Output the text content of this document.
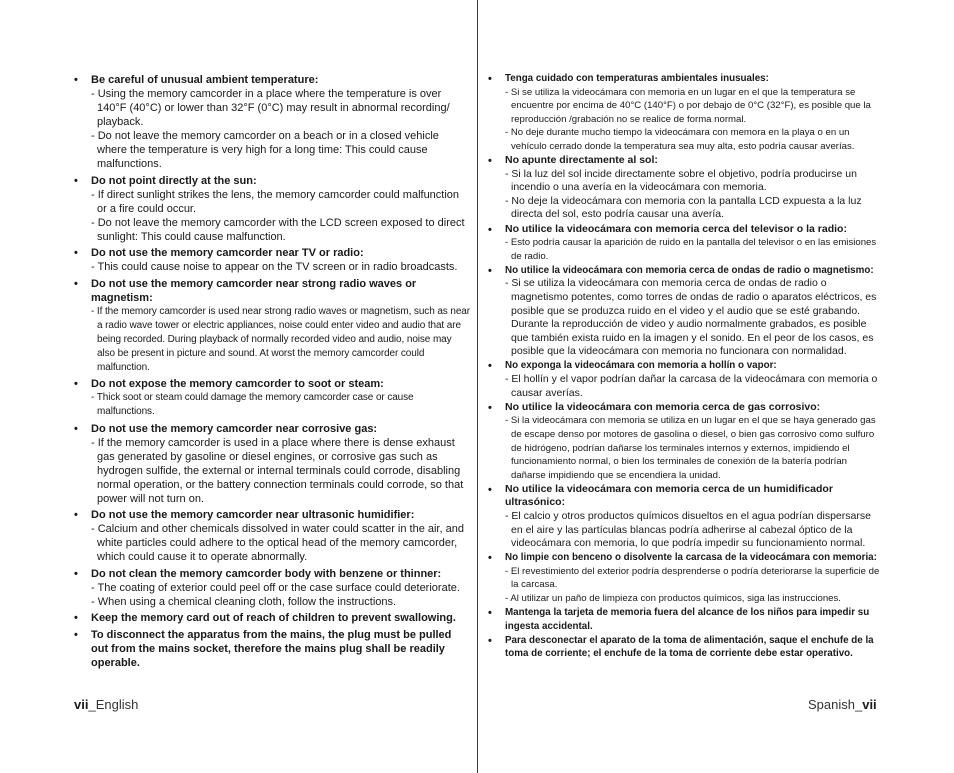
• Be careful of unusual ambient temperature:
- Using the memory camcorder in a place where the temperature is over 140°F (40°C) or lower than 32°F (0°C) may result in abnormal recording/ playback.
- Do not leave the memory camcorder on a beach or in a closed vehicle where the temperature is very high for a long time: This could cause malfunctions.
• Do not point directly at the sun:
- If direct sunlight strikes the lens, the memory camcorder could malfunction or a fire could occur.
- Do not leave the memory camcorder with the LCD screen exposed to direct sunlight: This could cause malfunction.
• Do not use the memory camcorder near TV or radio:
- This could cause noise to appear on the TV screen or in radio broadcasts.
• Do not use the memory camcorder near strong radio waves or magnetism:
- If the memory camcorder is used near strong radio waves or magnetism, such as near a radio wave tower or electric appliances, noise could enter video and audio that are being recorded. During playback of normally recorded video and audio, noise may also be present in picture and sound. At worst the memory camcorder could malfunction.
• Do not expose the memory camcorder to soot or steam:
- Thick soot or steam could damage the memory camcorder case or cause malfunctions.
• Do not use the memory camcorder near corrosive gas:
- If the memory camcorder is used in a place where there is dense exhaust gas generated by gasoline or diesel engines, or corrosive gas such as hydrogen sulfide, the external or internal terminals could corrode, disabling normal operation, or the battery connection terminals could corrode, so that power will not turn on.
• Do not use the memory camcorder near ultrasonic humidifier:
- Calcium and other chemicals dissolved in water could scatter in the air, and white particles could adhere to the optical head of the memory camcorder, which could cause it to operate abnormally.
• Do not clean the memory camcorder body with benzene or thinner:
- The coating of exterior could peel off or the case surface could deteriorate.
- When using a chemical cleaning cloth, follow the instructions.
• Keep the memory card out of reach of children to prevent swallowing.
• To disconnect the apparatus from the mains, the plug must be pulled out from the mains socket, therefore the mains plug shall be readily operable.
• Tenga cuidado con temperaturas ambientales inusuales:
- Si se utiliza la videocámara con memoria en un lugar en el que la temperatura se encuentre por encima de 40°C (140°F) o por debajo de 0°C (32°F), es posible que la reproducción /grabación no se realice de forma normal.
- No deje durante mucho tiempo la videocámara con memora en la playa o en un vehículo cerrado donde la temperatura sea muy alta, esto podría causar averías.
• No apunte directamente al sol:
- Si la luz del sol incide directamente sobre el objetivo, podría producirse un incendio o una avería en la videocámara con memoria.
- No deje la videocámara con memoria con la pantalla LCD expuesta a la luz directa del sol, esto podría causar una avería.
• No utilice la videocámara con memoria cerca del televisor o la radio:
- Esto podría causar la aparición de ruido en la pantalla del televisor o en las emisiones de radio.
• No utilice la videocámara con memoria cerca de ondas de radio o magnetismo:
- Si se utiliza la videocámara con memoria cerca de ondas de radio o magnetismo potentes, como torres de ondas de radio o aparatos eléctricos, es posible que se produzca ruido en el video y el audio que se esté grabando. Durante la reproducción de video y audio normalmente grabados, es posible que también exista ruido en la imagen y el sonido. En el peor de los casos, es posible que la videocámara con memoria no funcionara con normalidad.
• No exponga la videocámara con memoria a hollín o vapor:
- El hollín y el vapor podrían dañar la carcasa de la videocámara con memoria o causar averías.
• No utilice la videocámara con memoria cerca de gas corrosivo:
- Si la videocámara con memoria se utiliza en un lugar en el que se haya generado gas de escape denso por motores de gasolina o diesel, o bien gas corrosivo como sulfuro de hidrógeno, podrían dañarse los terminales internos y externos, impidiendo el funcionamiento normal, o bien los terminales de conexión de la batería podrían dañarse impidiendo que se encendiera la unidad.
• No utilice la videocámara con memoria cerca de un humidificador ultrasónico:
- El calcio y otros productos químicos disueltos en el agua podrían dispersarse en el aire y las partículas blancas podría adherirse al cabezal óptico de la videocámara con memoria, lo que podría impedir su funcionamiento normal.
• No limpie con benceno o disolvente la carcasa de la videocámara con memoria:
- El revestimiento del exterior podría desprenderse o podría deteriorarse la superficie de la carcasa.
- Al utilizar un paño de limpieza con productos químicos, siga las instrucciones.
• Mantenga la tarjeta de memoria fuera del alcance de los niños para impedir su ingesta accidental.
• Para desconectar el aparato de la toma de alimentación, saque el enchufe de la toma de corriente; el enchufe de la toma de corriente debe estar operativo.
vii_English	Spanish_vii
